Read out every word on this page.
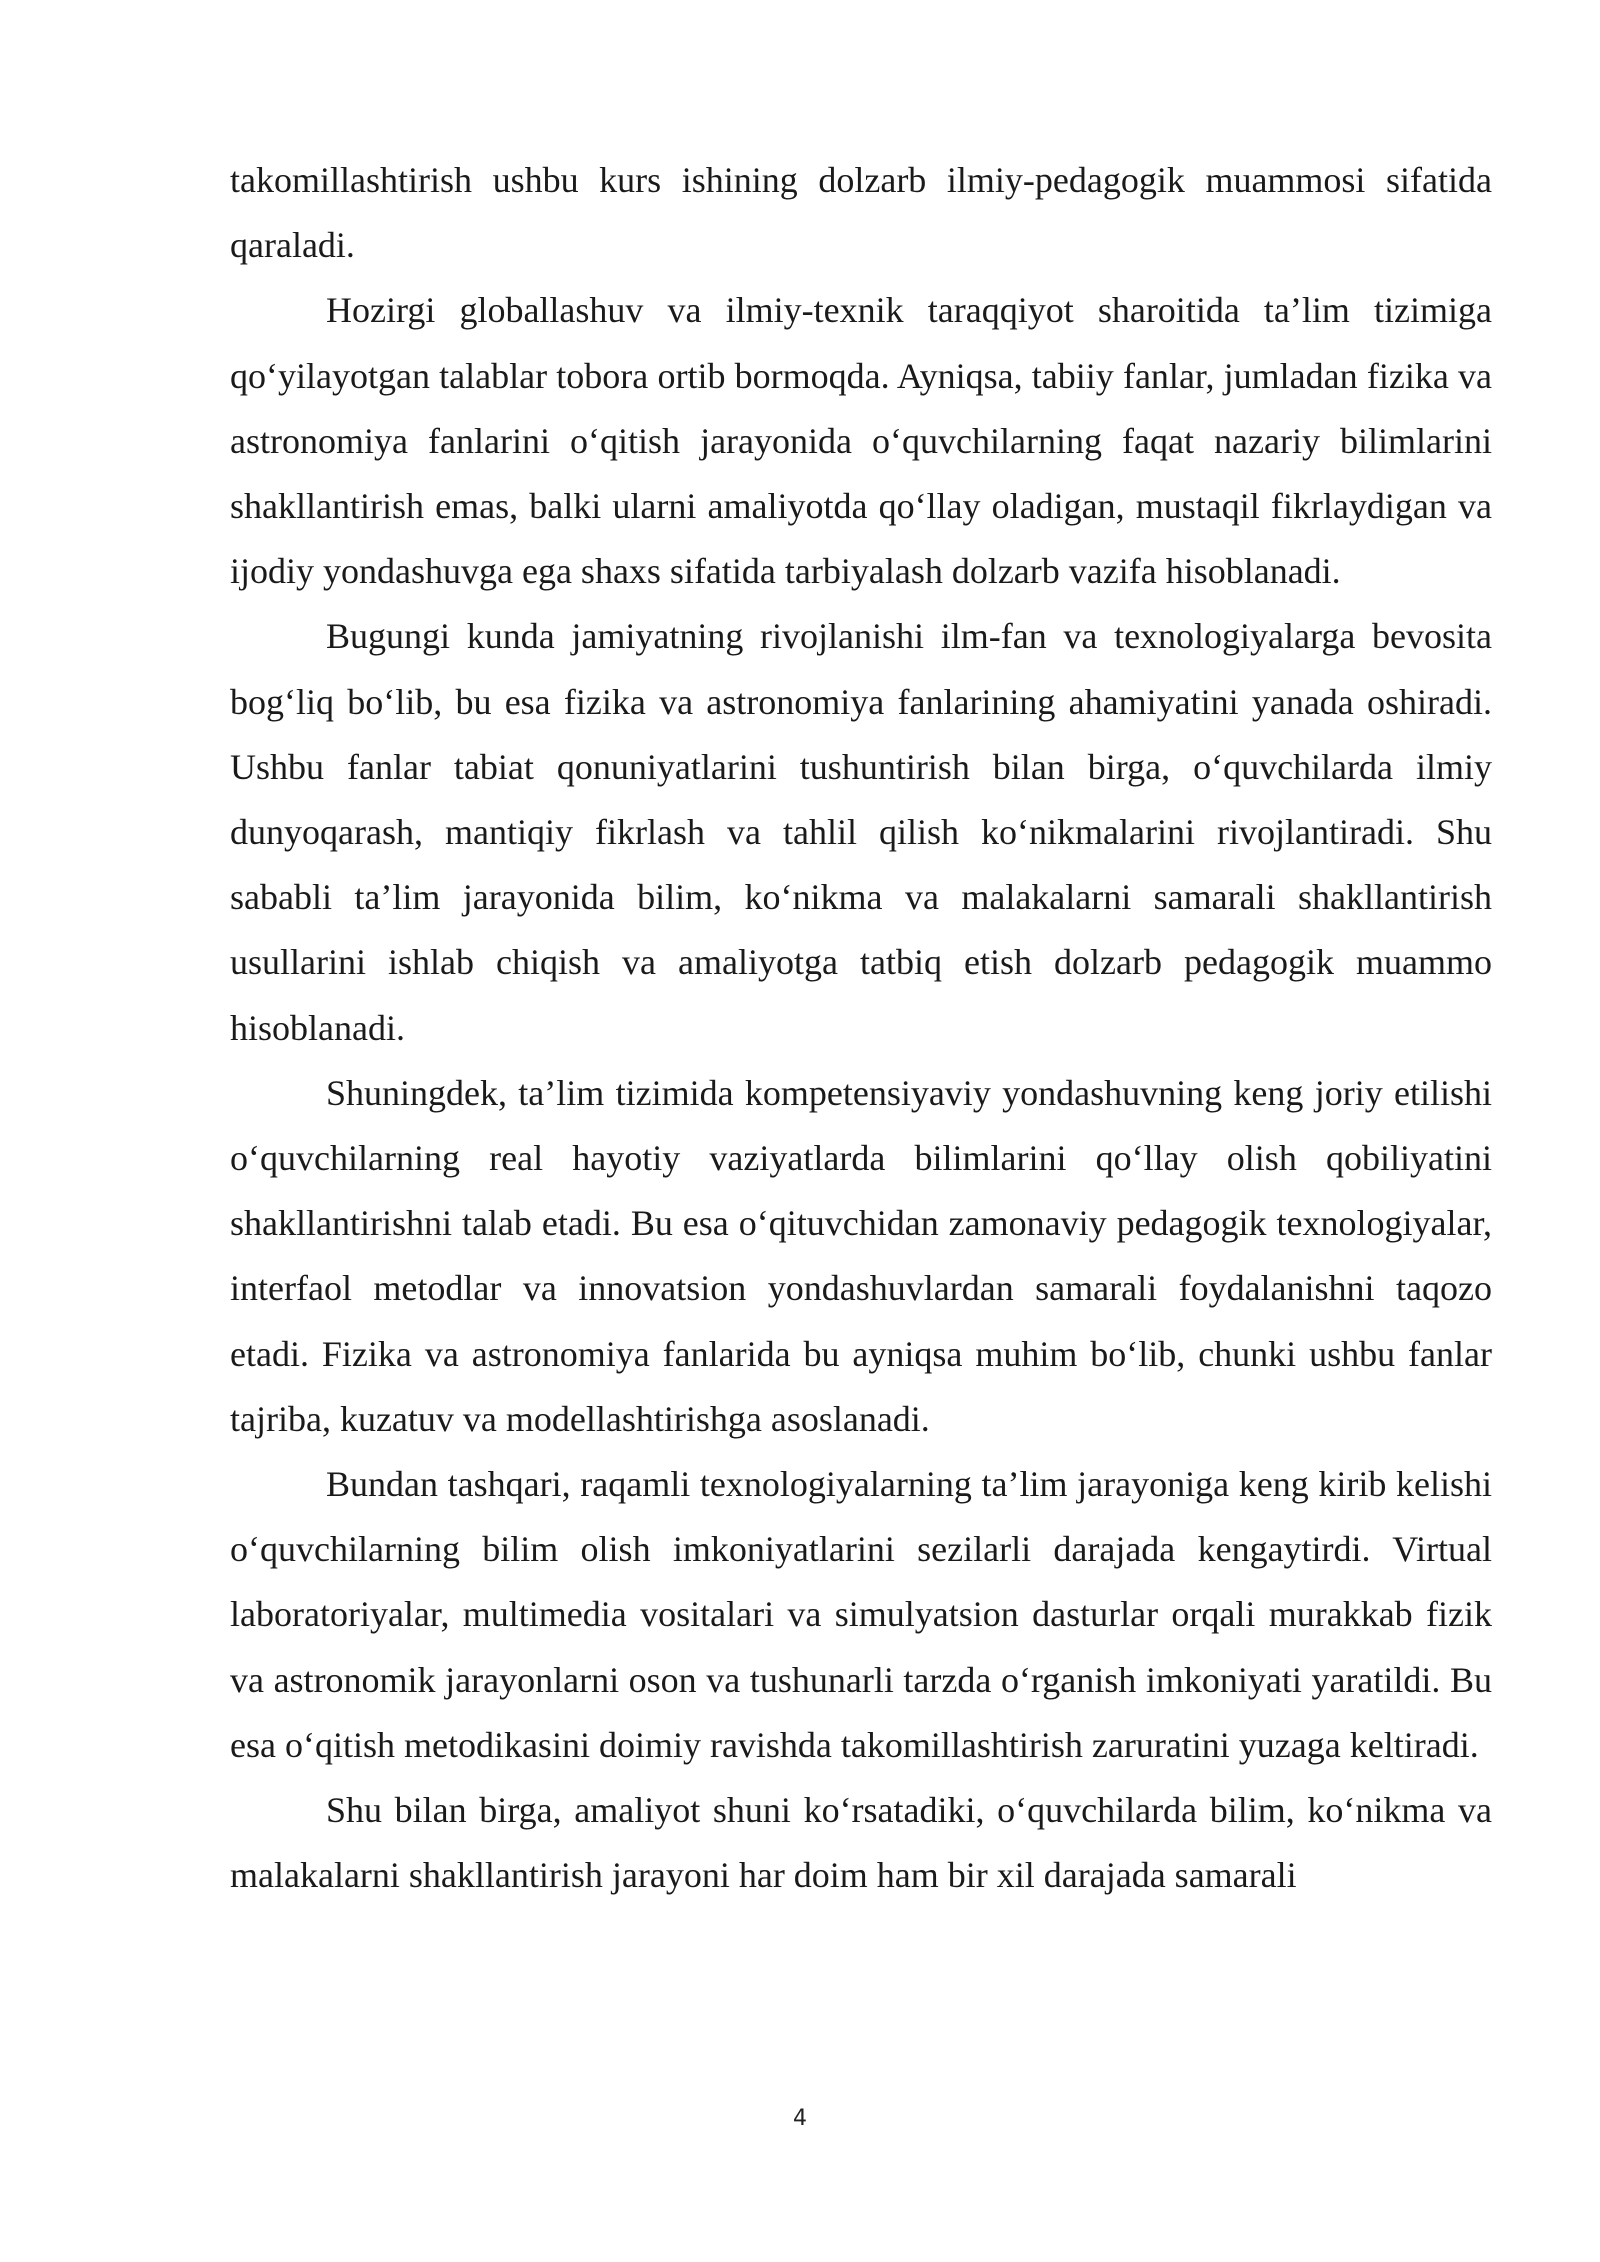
takomillashtirish ushbu kurs ishining dolzarb ilmiy-pedagogik muammosi sifatida qaraladi.

Hozirgi globallashuv va ilmiy-texnik taraqqiyot sharoitida ta’lim tizimiga qo‘yilayotgan talablar tobora ortib bormoqda. Ayniqsa, tabiiy fanlar, jumladan fizika va astronomiya fanlarini o‘qitish jarayonida o‘quvchilarning faqat nazariy bilimlarini shakllantirish emas, balki ularni amaliyotda qo‘llay oladigan, mustaqil fikrlaydigan va ijodiy yondashuvga ega shaxs sifatida tarbiyalash dolzarb vazifa hisoblanadi.

Bugungi kunda jamiyatning rivojlanishi ilm-fan va texnologiyalarga bevosita bog‘liq bo‘lib, bu esa fizika va astronomiya fanlarining ahamiyatini yanada oshiradi. Ushbu fanlar tabiat qonuniyatlarini tushuntirish bilan birga, o‘quvchilarda ilmiy dunyoqarash, mantiqiy fikrlash va tahlil qilish ko‘nikmalarini rivojlantiradi. Shu sababli ta’lim jarayonida bilim, ko‘nikma va malakalarni samarali shakllantirish usullarini ishlab chiqish va amaliyotga tatbiq etish dolzarb pedagogik muammo hisoblanadi.

Shuningdek, ta’lim tizimida kompetensiyaviy yondashuvning keng joriy etilishi o‘quvchilarning real hayotiy vaziyatlarda bilimlarini qo‘llay olish qobiliyatini shakllantirishni talab etadi. Bu esa o‘qituvchidan zamonaviy pedagogik texnologiyalar, interfaol metodlar va innovatsion yondashuvlardan samarali foydalanishni taqozo etadi. Fizika va astronomiya fanlarida bu ayniqsa muhim bo‘lib, chunki ushbu fanlar tajriba, kuzatuv va modellashtirishga asoslanadi.

Bundan tashqari, raqamli texnologiyalarning ta’lim jarayoniga keng kirib kelishi o‘quvchilarning bilim olish imkoniyatlarini sezilarli darajada kengaytirdi. Virtual laboratoriyalar, multimedia vositalari va simulyatsion dasturlar orqali murakkab fizik va astronomik jarayonlarni oson va tushunarli tarzda o‘rganish imkoniyati yaratildi. Bu esa o‘qitish metodikasini doimiy ravishda takomillashtirish zaruratini yuzaga keltiradi.

Shu bilan birga, amaliyot shuni ko‘rsatadiki, o‘quvchilarda bilim, ko‘nikma va malakalarni shakllantirish jarayoni har doim ham bir xil darajada samarali

4
